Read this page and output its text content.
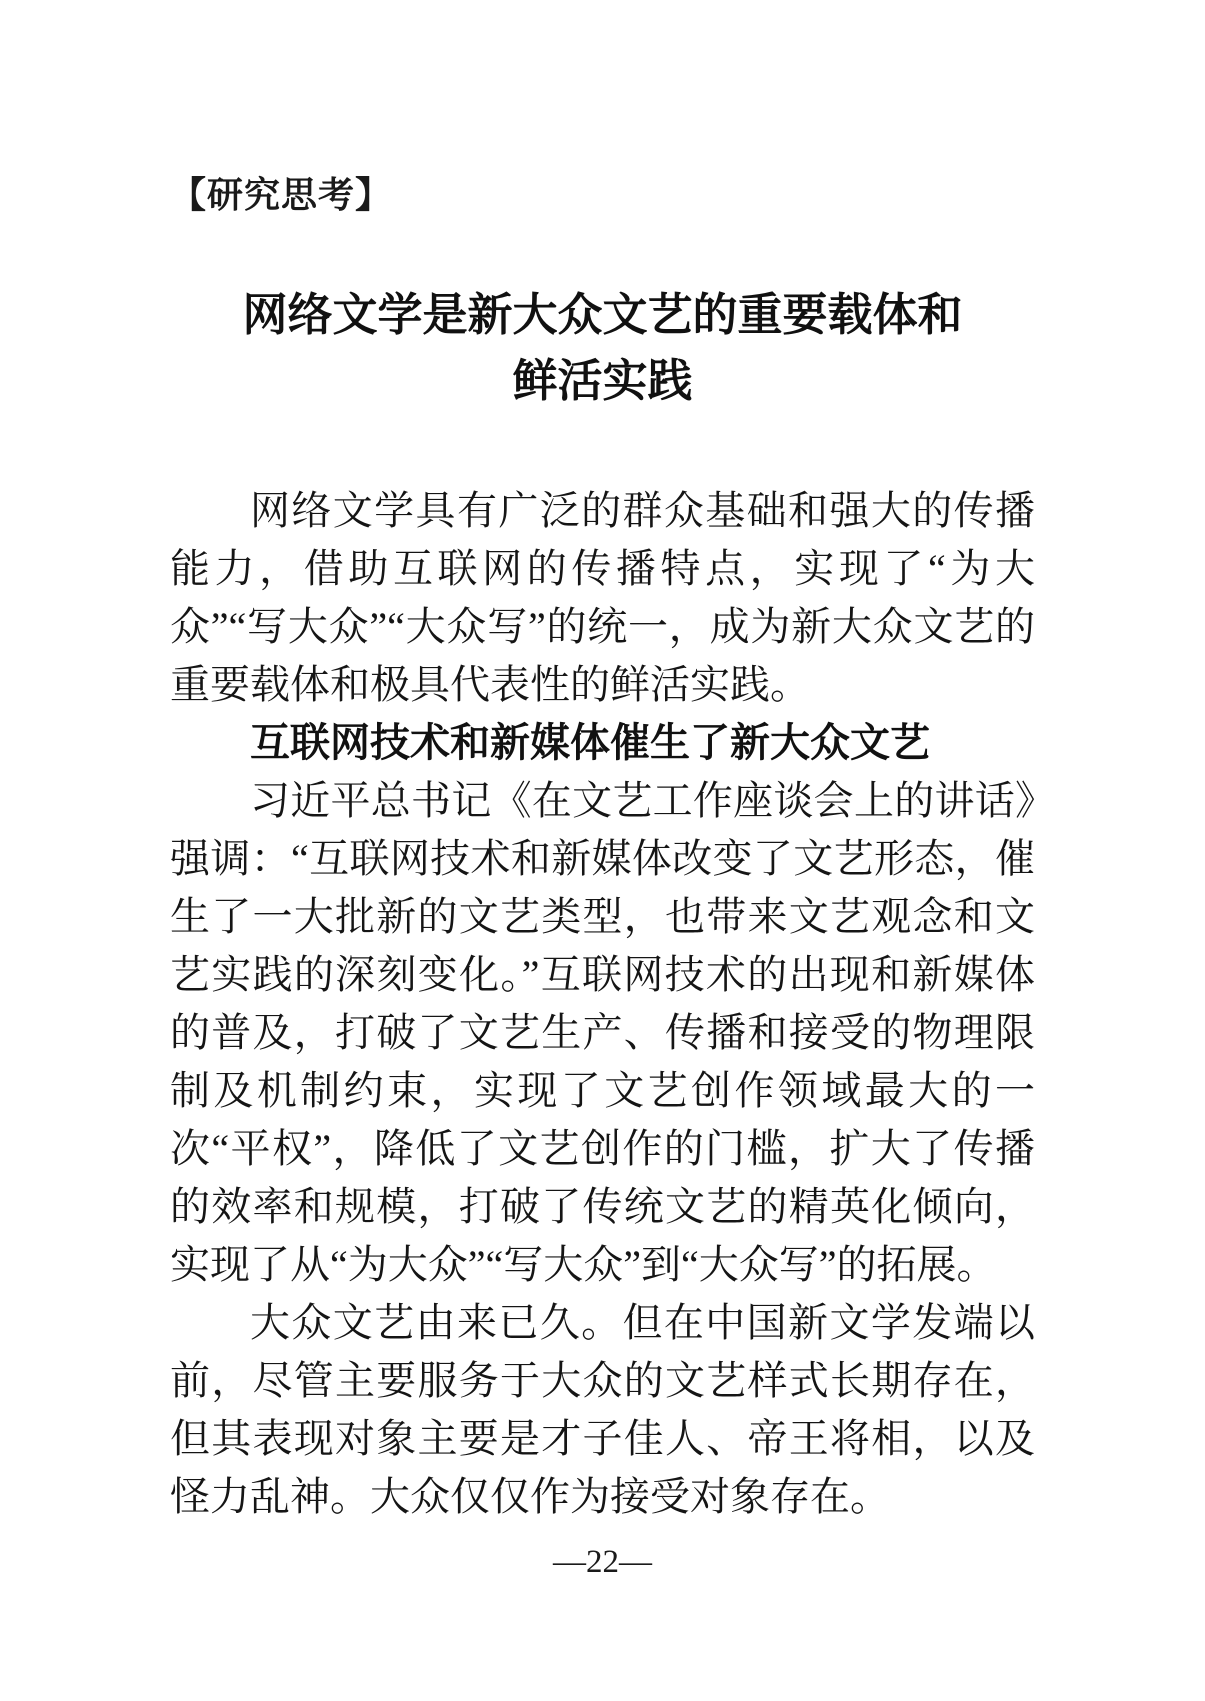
【研究思考】
网络文学是新大众文艺的重要载体和
鲜活实践

网络文学具有广泛的群众基础和强大的传播能力，借助互联网的传播特点，实现了“为大众”“写大众”“大众写”的统一，成为新大众文艺的重要载体和极具代表性的鲜活实践。

互联网技术和新媒体催生了新大众文艺

习近平总书记《在文艺工作座谈会上的讲话》强调：“互联网技术和新媒体改变了文艺形态，催生了一大批新的文艺类型，也带来文艺观念和文艺实践的深刻变化。”互联网技术的出现和新媒体的普及，打破了文艺生产、传播和接受的物理限制及机制约束，实现了文艺创作领域最大的一次“平权”，降低了文艺创作的门槛，扩大了传播的效率和规模，打破了传统文艺的精英化倾向，实现了从“为大众”“写大众”到“大众写”的拓展。

大众文艺由来已久。但在中国新文学发端以前，尽管主要服务于大众的文艺样式长期存在，但其表现对象主要是才子佳人、帝王将相，以及怪力乱神。大众仅仅作为接受对象存在。

—22—
